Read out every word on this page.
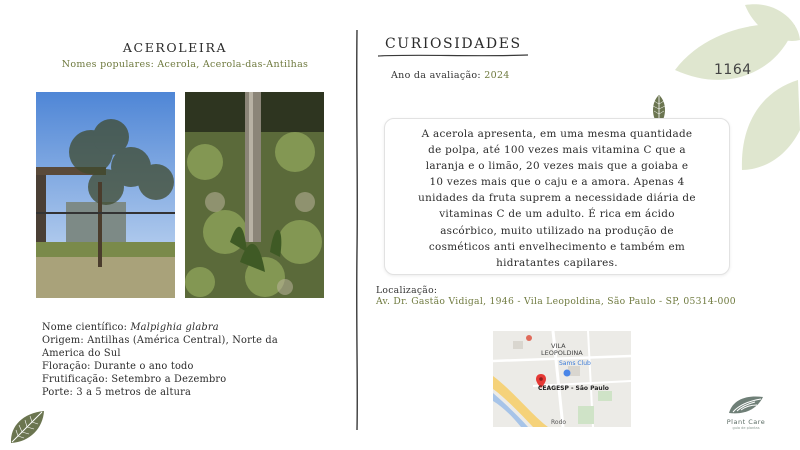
ACEROLEIRA
Nomes populares: Acerola, Acerola-das-Antilhas
Nome científico: Malpighia glabra
Origem: Antilhas (América Central), Norte da
America do Sul
Floração: Durante o ano todo
Frutificação: Setembro a Dezembro
Porte: 3 a 5 metros de altura
CURIOSIDADES
Ano da avaliação: 2024	1164
A acerola apresenta, em uma mesma quantidade
de polpa, até 100 vezes mais vitamina C que a
laranja e o limão, 20 vezes mais que a goiaba e
10 vezes mais que o caju e a amora. Apenas 4
unidades da fruta suprem a necessidade diária de
vitaminas C de um adulto. É rica em ácido
ascórbico, muito utilizado na produção de
cosméticos anti envelhecimento e também em
hidratantes capilares.
Localização:
Av. Dr. Gastão Vidigal, 1946 - Vila Leopoldina, São Paulo - SP, 05314-000
VILA
LEOPOLDINA
Sams Club
CEAGESP - São Paulo
Rodo	Plant Care
guia de plantas
